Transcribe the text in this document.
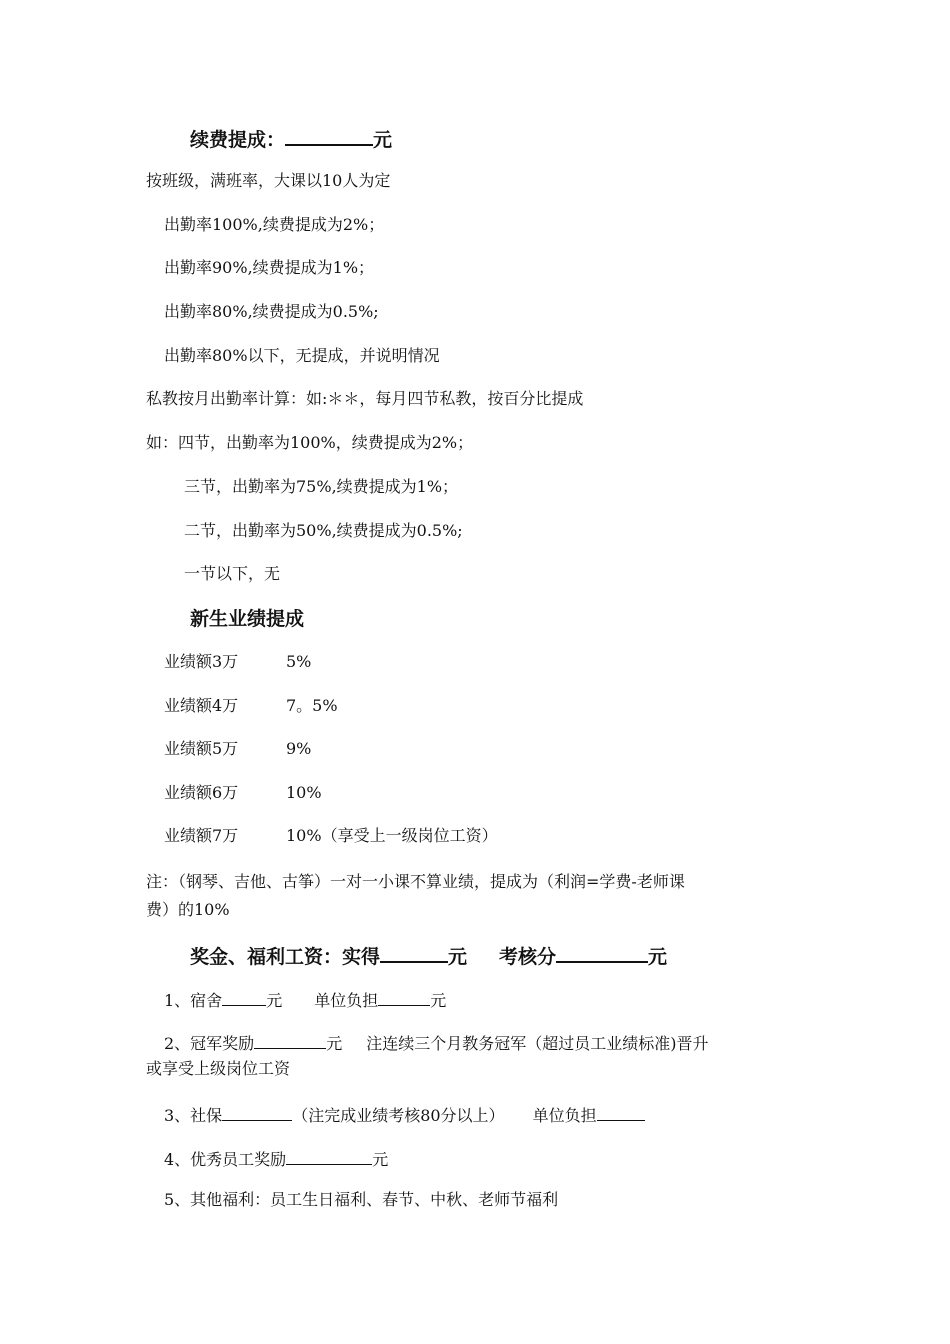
续费提成：	元
按班级，满班率，大课以10人为定
出勤率100%,续费提成为2%；
出勤率90%,续费提成为1%；
出勤率80%,续费提成为0.5%;
出勤率80%以下，无提成，并说明情况
私教按月出勤率计算：如:＊＊，每月四节私教，按百分比提成
如：四节，出勤率为100%，续费提成为2%；
三节，出勤率为75%,续费提成为1%；
二节，出勤率为50%,续费提成为0.5%;
一节以下，无
新生业绩提成
业绩额3万	5%
业绩额4万	7。5%
业绩额5万	9%
业绩额6万	10%
业绩额7万	10%（享受上一级岗位工资）
注：（钢琴、吉他、古筝）一对一小课不算业绩，提成为（利润=学费-老师课
费）的10%
奖金、福利工资：实得	元 考核分	元
1、宿舍	元 单位负担	元
2、冠军奖励	元 注连续三个月教务冠军（超过员工业绩标准)晋升
或享受上级岗位工资
3、社保	（注完成业绩考核80分以上） 单位负担
4、优秀员工奖励	元
5、其他福利：员工生日福利、春节、中秋、老师节福利
